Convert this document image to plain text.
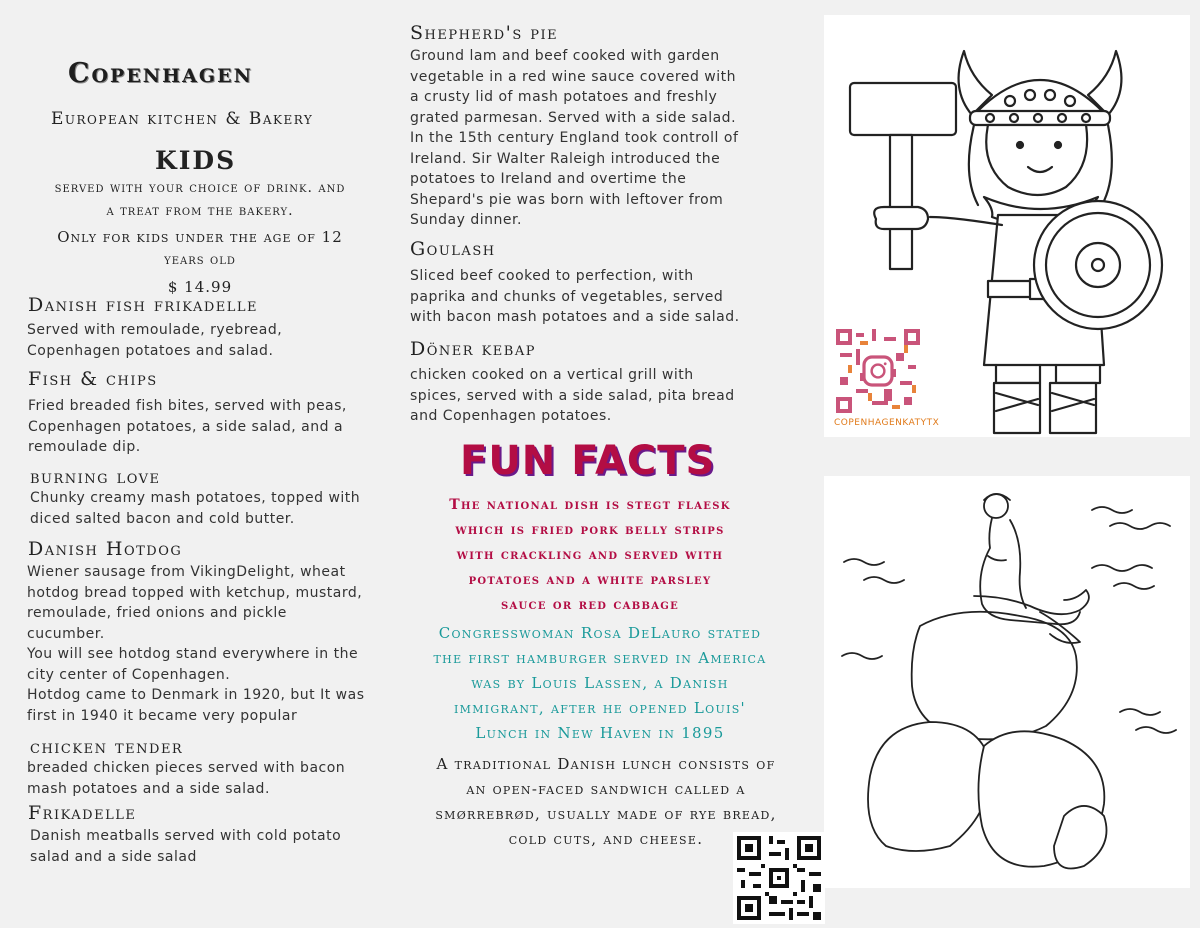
Copenhagen
European kitchen & Bakery
KIDS
served with your choice of drink. and
a treat from the bakery.
Only for kids under the age of 12
years old
$ 14.99
Danish fish frikadelle
Served with remoulade, ryebread,
Copenhagen potatoes and salad.
Fish & chips
Fried breaded fish bites, served with peas,
Copenhagen potatoes, a side salad, and a
remoulade dip.
burning love
Chunky creamy mash potatoes, topped with
diced salted bacon and cold butter.
Danish Hotdog
Wiener sausage from VikingDelight, wheat
hotdog bread topped with ketchup, mustard,
remoulade, fried onions and pickle
cucumber.
You will see hotdog stand everywhere in the
city center of Copenhagen.
Hotdog came to Denmark in 1920, but It was
first in 1940 it became very popular
chicken tender
breaded chicken pieces served with bacon
mash potatoes and a side salad.
Frikadelle
Danish meatballs served with cold potato
salad and a side salad
Shepherd's pie
Ground lam and beef cooked with garden
vegetable in a red wine sauce covered with
a crusty lid of mash potatoes and freshly
grated parmesan. Served with a side salad.
In the 15th century England took controll of
Ireland. Sir Walter Raleigh introduced the
potatoes to Ireland and overtime the
Shepard's pie was born with leftover from
Sunday dinner.
Goulash
Sliced beef cooked to perfection, with
paprika and chunks of vegetables, served
with bacon mash potatoes and a side salad.
Döner kebap
chicken cooked on a vertical grill with
spices, served with a side salad, pita bread
and Copenhagen potatoes.
FUN FACTS
The national dish is stegt flaesk
which is fried pork belly strips
with crackling and served with
potatoes and a white parsley
sauce or red cabbage
Congresswoman Rosa DeLauro stated
the first hamburger served in America
was by Louis Lassen, a Danish
immigrant, after he opened Louis'
Lunch in New Haven in 1895
A traditional Danish lunch consists of
an open-faced sandwich called a
smørrebrød, usually made of rye bread,
cold cuts, and cheese.
COPENHAGENKATYTX
